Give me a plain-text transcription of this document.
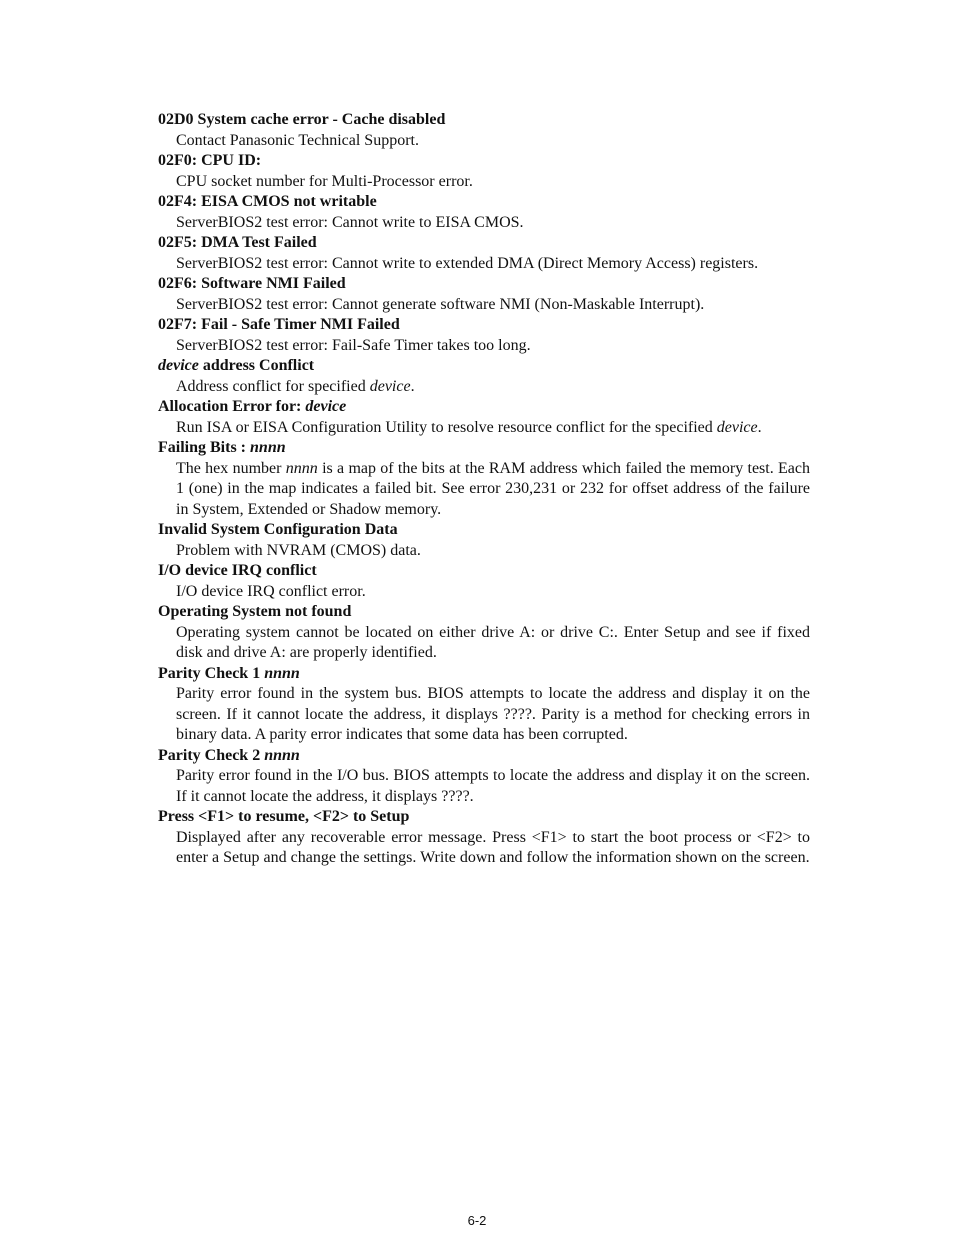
02D0 System cache error - Cache disabled
Contact Panasonic Technical Support.
02F0: CPU ID:
CPU socket number for Multi-Processor error.
02F4: EISA CMOS not writable
ServerBIOS2 test error: Cannot write to EISA CMOS.
02F5: DMA Test Failed
ServerBIOS2 test error: Cannot write to extended DMA (Direct Memory Access) registers.
02F6: Software NMI Failed
ServerBIOS2 test error: Cannot generate software NMI (Non-Maskable Interrupt).
02F7: Fail - Safe Timer NMI Failed
ServerBIOS2 test error: Fail-Safe Timer takes too long.
device address Conflict
Address conflict for specified device.
Allocation Error for: device
Run ISA or EISA Configuration Utility to resolve resource conflict for the specified device.
Failing Bits : nnnn
The hex number nnnn is a map of the bits at the RAM address which failed the memory test. Each 1 (one) in the map indicates a failed bit. See error 230,231 or 232 for offset address of the failure in System, Extended or Shadow memory.
Invalid System Configuration Data
Problem with NVRAM (CMOS) data.
I/O device IRQ conflict
I/O device IRQ conflict error.
Operating System not found
Operating system cannot be located on either drive A: or drive C:. Enter Setup and see if fixed disk and drive A: are properly identified.
Parity Check 1 nnnn
Parity error found in the system bus. BIOS attempts to locate the address and display it on the screen. If it cannot locate the address, it displays ????. Parity is a method for checking errors in binary data. A parity error indicates that some data has been corrupted.
Parity Check 2 nnnn
Parity error found in the I/O bus. BIOS attempts to locate the address and display it on the screen. If it cannot locate the address, it displays ????.
Press <F1> to resume, <F2> to Setup
Displayed after any recoverable error message. Press <F1> to start the boot process or <F2> to enter a Setup and change the settings. Write down and follow the information shown on the screen.
6-2
